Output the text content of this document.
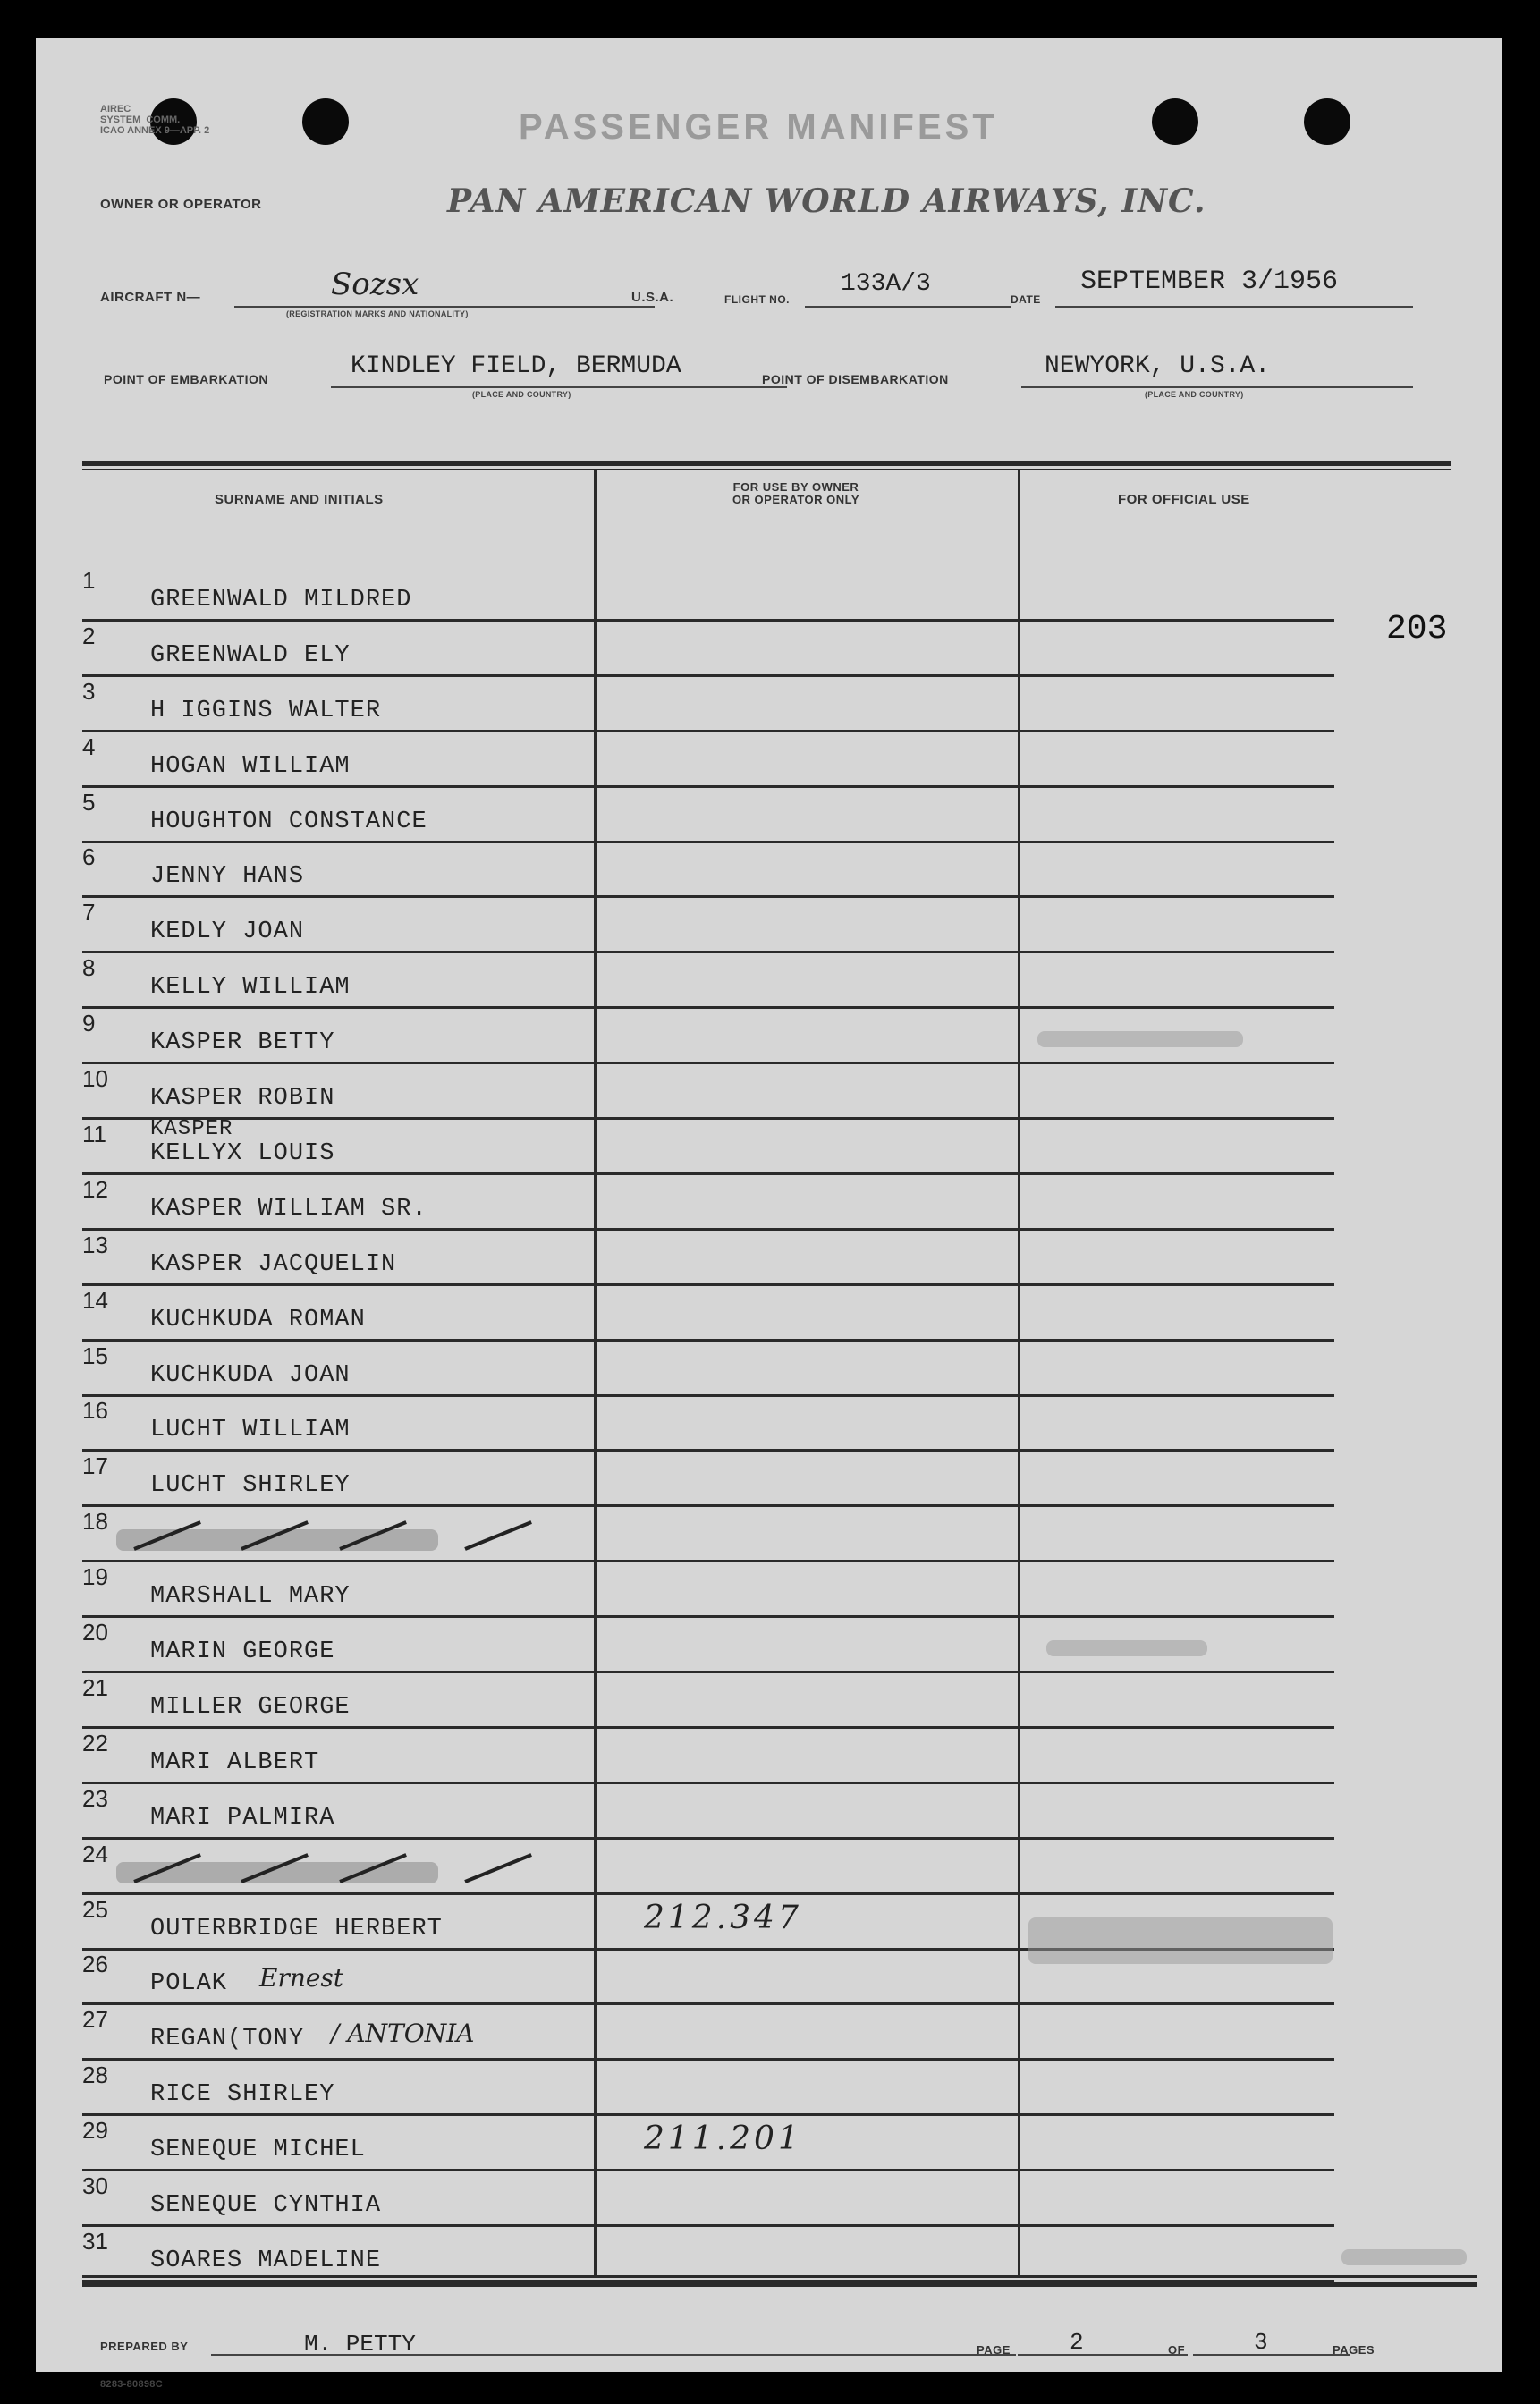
AIREC
SYSTEM  COMM.
ICAO ANNEX 9—APP. 2	PASSENGER MANIFEST
OWNER OR OPERATOR	PAN AMERICAN WORLD AIRWAYS, INC.
AIRCRAFT N—	Sozsx
(REGISTRATION MARKS AND NATIONALITY)
U.S.A.	FLIGHT NO.
133A/3
DATE
SEPTEMBER 3/1956
POINT OF EMBARKATION	KINDLEY FIELD, BERMUDA
(PLACE AND COUNTRY)
POINT OF DISEMBARKATION	NEWYORK, U.S.A.
(PLACE AND COUNTRY)
SURNAME AND INITIALS
FOR USE BY OWNER
OR OPERATOR ONLY	FOR OFFICIAL USE
203
PREPARED BY	M. PETTY	PAGE	2	OF	3	PAGES
8283-80898C
1
GREENWALD MILDRED
2
GREENWALD ELY
3
H IGGINS WALTER
4
HOGAN WILLIAM
5
HOUGHTON CONSTANCE
6
JENNY HANS
7
KEDLY JOAN
8
KELLY WILLIAM
9
KASPER BETTY
10
KASPER ROBIN
11 KASPER
KELLYX LOUIS
12
KASPER WILLIAM SR.
13
KASPER JACQUELIN
14
KUCHKUDA ROMAN
15
KUCHKUDA JOAN
16
LUCHT WILLIAM
17
LUCHT SHIRLEY
18
19
MARSHALL MARY
20
MARIN GEORGE
21
MILLER GEORGE
22
MARI ALBERT
23
MARI PALMIRA
24
25
OUTERBRIDGE HERBERT	212.347
26
POLAK Ernest
27
REGAN(TONY / ANTONIA
28
RICE SHIRLEY
29
SENEQUE MICHEL	211.201
30
SENEQUE CYNTHIA
31
SOARES MADELINE
